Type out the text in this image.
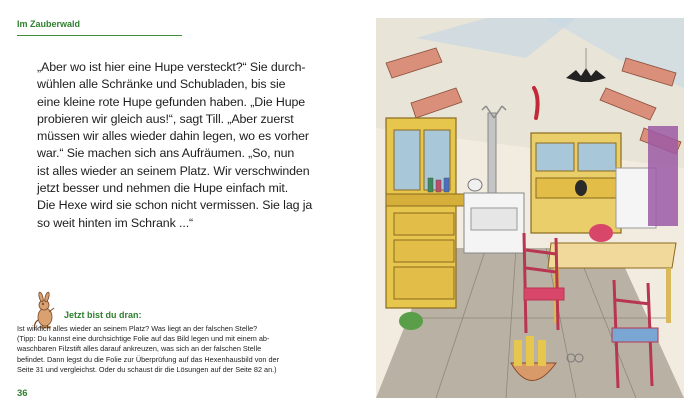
Im Zauberwald

„Aber wo ist hier eine Hupe versteckt?“ Sie durch-

wühlen alle Schränke und Schubladen, bis sie

eine kleine rote Hupe gefunden haben. „Die Hupe

probieren wir gleich aus!“, sagt Till. „Aber zuerst

müssen wir alles wieder dahin legen, wo es vorher

war.“ Sie machen sich ans Aufräumen. „So, nun

ist alles wieder an seinem Platz. Wir verschwinden

jetzt besser und nehmen die Hupe einfach mit.

Die Hexe wird sie schon nicht vermissen. Sie lag ja

so weit hinten im Schrank ...“

Jetzt bist du dran:

Ist wirklich alles wieder an seinem Platz? Was liegt an der falschen Stelle?

(Tipp: Du kannst eine durchsichtige Folie auf das Bild legen und mit einem ab-

waschbaren Filzstift alles darauf ankreuzen, was sich an der falschen Stelle

befindet. Dann legst du die Folie zur Überprüfung auf das Hexenhausbild von der

Seite 31 und vergleichst. Oder du schaust dir die Lösungen auf der Seite 82 an.)

36
